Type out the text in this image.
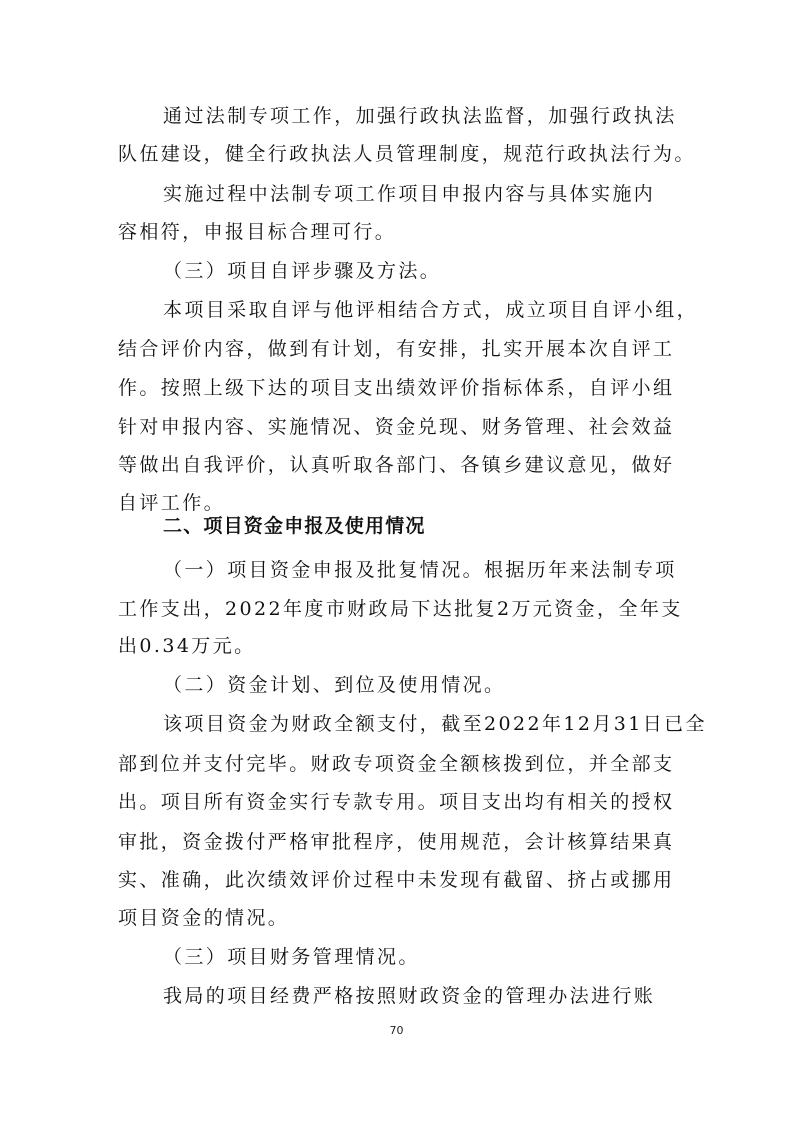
通过法制专项工作，加强行政执法监督，加强行政执法
队伍建设，健全行政执法人员管理制度，规范行政执法行为。
实施过程中法制专项工作项目申报内容与具体实施内
容相符，申报目标合理可行。
（三）项目自评步骤及方法。
本项目采取自评与他评相结合方式，成立项目自评小组，
结合评价内容，做到有计划，有安排，扎实开展本次自评工
作。按照上级下达的项目支出绩效评价指标体系，自评小组
针对申报内容、实施情况、资金兑现、财务管理、社会效益
等做出自我评价，认真听取各部门、各镇乡建议意见，做好
自评工作。
二、项目资金申报及使用情况
（一）项目资金申报及批复情况。根据历年来法制专项
工作支出，2022年度市财政局下达批复2万元资金，全年支
出0.34万元。
（二）资金计划、到位及使用情况。
该项目资金为财政全额支付，截至2022年12月31日已全
部到位并支付完毕。财政专项资金全额核拨到位，并全部支
出。项目所有资金实行专款专用。项目支出均有相关的授权
审批，资金拨付严格审批程序，使用规范，会计核算结果真
实、准确，此次绩效评价过程中未发现有截留、挤占或挪用
项目资金的情况。
（三）项目财务管理情况。
我局的项目经费严格按照财政资金的管理办法进行账
70
